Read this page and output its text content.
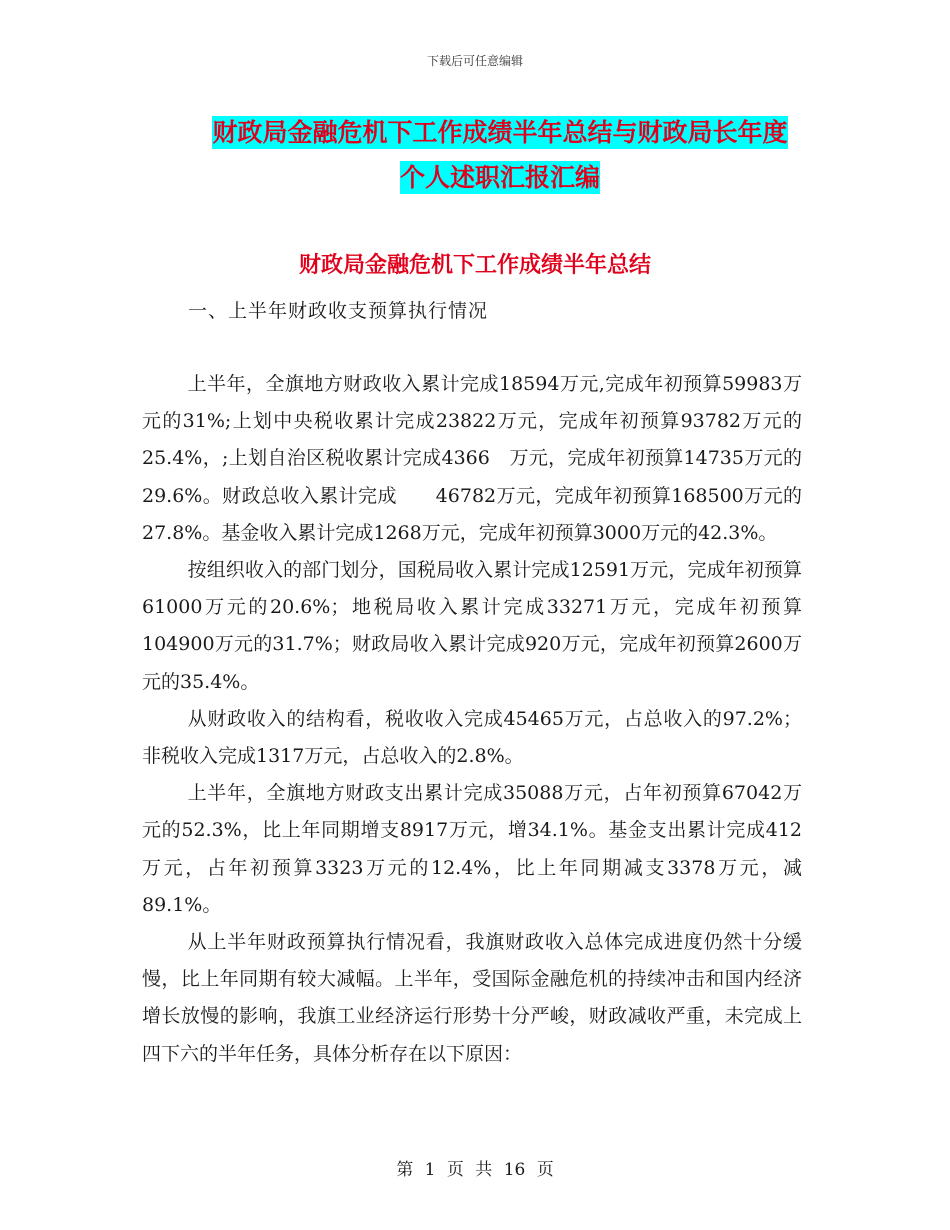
下载后可任意编辑
财政局金融危机下工作成绩半年总结与财政局长年度
个人述职汇报汇编
财政局金融危机下工作成绩半年总结
一、上半年财政收支预算执行情况

上半年，全旗地方财政收入累计完成18594万元,完成年初预算59983万元的31%;上划中央税收累计完成23822万元，完成年初预算93782万元的25.4%，;上划自治区税收累计完成4366　万元，完成年初预算14735万元的29.6%。财政总收入累计完成　　46782万元，完成年初预算168500万元的27.8%。基金收入累计完成1268万元，完成年初预算3000万元的42.3%。

按组织收入的部门划分，国税局收入累计完成12591万元，完成年初预算61000万元的20.6%；地税局收入累计完成33271万元，完成年初预算104900万元的31.7%；财政局收入累计完成920万元，完成年初预算2600万元的35.4%。

从财政收入的结构看，税收收入完成45465万元，占总收入的97.2%；非税收入完成1317万元，占总收入的2.8%。

上半年，全旗地方财政支出累计完成35088万元，占年初预算67042万元的52.3%，比上年同期增支8917万元，增34.1%。基金支出累计完成412万元，占年初预算3323万元的12.4%，比上年同期减支3378万元，减89.1%。

从上半年财政预算执行情况看，我旗财政收入总体完成进度仍然十分缓慢，比上年同期有较大减幅。上半年，受国际金融危机的持续冲击和国内经济增长放慢的影响，我旗工业经济运行形势十分严峻，财政减收严重，未完成上四下六的半年任务，具体分析存在以下原因：

第 1 页 共 16 页
